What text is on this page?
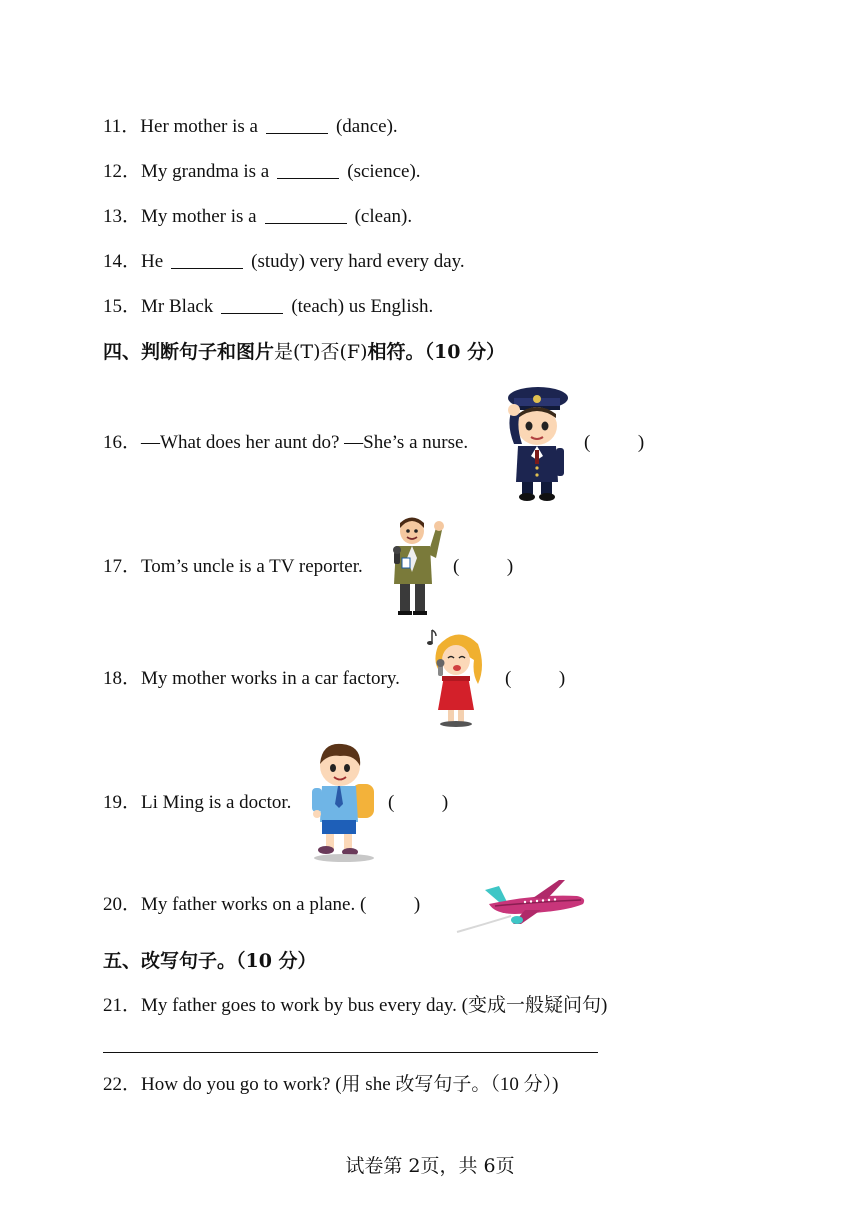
11．Her mother is a	(dance).
12．My grandma is a	(science).
13．My mother is a	(clean).
14．He	(study) very hard every day.
15．Mr Black	(teach) us English.
四、判断句子和图片是(T)否(F)相符。（10 分）
16．—What does her aunt do? —She’s a nurse.	(          )
17．Tom’s uncle is a TV reporter.	(          )
18．My mother works in a car factory.	(          )
19．Li Ming is a doctor.	(          )
20．My father works on a plane. (          )
五、改写句子。（10 分）
21．My father goes to work by bus every day. (变成一般疑问句)
22．How do you go to work? (用 she 改写句子。（10 分）)
试卷第 2页，共 6页
